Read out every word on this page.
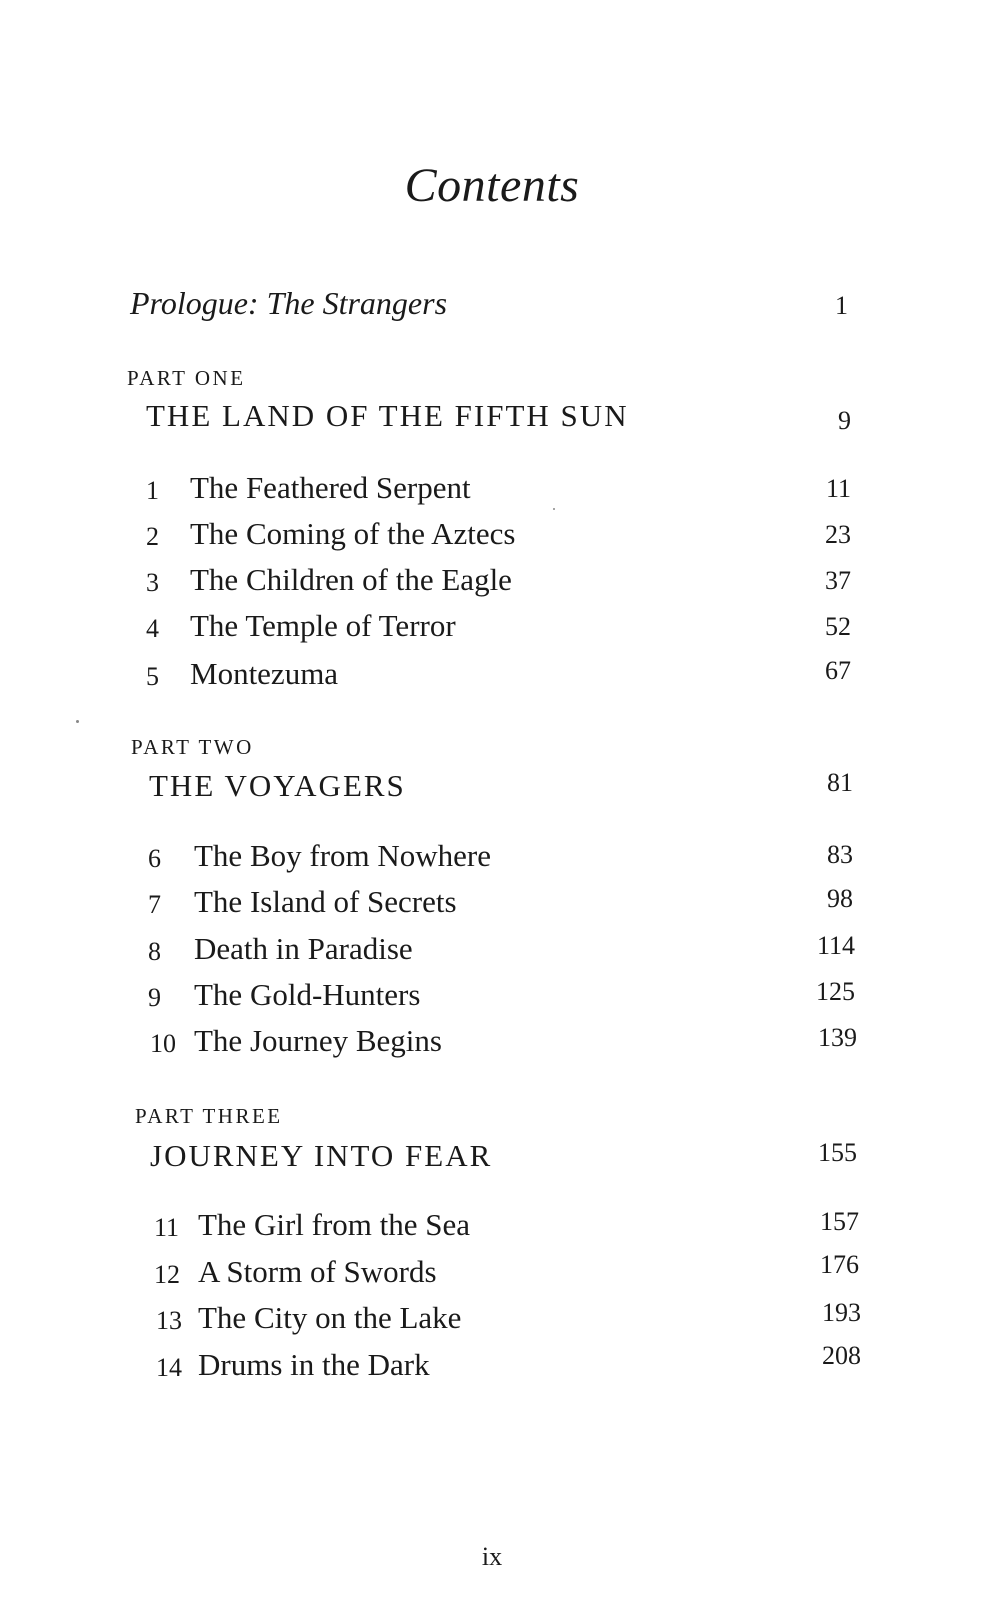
Contents
Prologue: The Strangers	1
PART ONE
THE LAND OF THE FIFTH SUN	9
1 The Feathered Serpent	11
2 The Coming of the Aztecs	23
3 The Children of the Eagle	37
4 The Temple of Terror	52
5 Montezuma	67
PART TWO
THE VOYAGERS	81
6 The Boy from Nowhere	83
7 The Island of Secrets	98
8 Death in Paradise	114
9 The Gold-Hunters	125
10 The Journey Begins	139
PART THREE
JOURNEY INTO FEAR	155
11 The Girl from the Sea	157
12 A Storm of Swords	176
13 The City on the Lake	193
14 Drums in the Dark	208
ix
